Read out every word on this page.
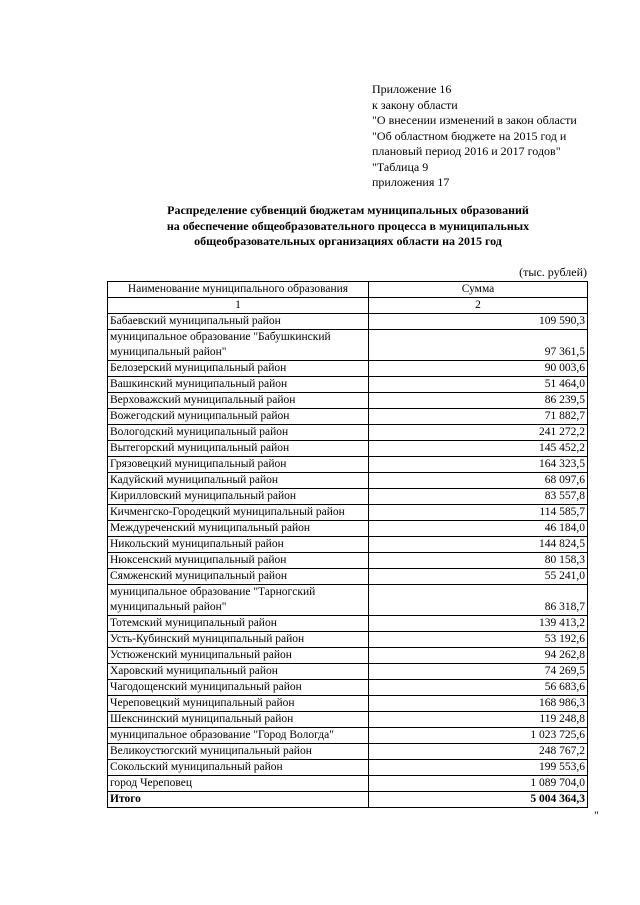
Приложение 16
к закону области
"О внесении изменений в закон области
"Об областном бюджете на 2015 год и
плановый период 2016 и 2017 годов"
"Таблица 9
приложения 17
Распределение субвенций бюджетам муниципальных образований
на обеспечение общеобразовательного процесса в муниципальных
общеобразовательных организациях области на 2015 год
(тыс. рублей)
Наименование муниципального образования	Сумма
1	2
Бабаевский муниципальный район	109 590,3
муниципальное образование "Бабушкинский муниципальный район"	97 361,5
Белозерский муниципальный район	90 003,6
Вашкинский муниципальный район	51 464,0
Верховажский муниципальный район	86 239,5
Вожегодский муниципальный район	71 882,7
Вологодский муниципальный район	241 272,2
Вытегорский муниципальный район	145 452,2
Грязовецкий муниципальный район	164 323,5
Кадуйский муниципальный район	68 097,6
Кирилловский муниципальный район	83 557,8
Кичменгско-Городецкий муниципальный район	114 585,7
Междуреченский муниципальный район	46 184,0
Никольский муниципальный район	144 824,5
Нюксенский муниципальный район	80 158,3
Сямженский муниципальный район	55 241,0
муниципальное образование "Тарногский муниципальный район"	86 318,7
Тотемский муниципальный район	139 413,2
Усть-Кубинский муниципальный район	53 192,6
Устюженский муниципальный район	94 262,8
Харовский муниципальный район	74 269,5
Чагодощенский муниципальный район	56 683,6
Череповецкий муниципальный район	168 986,3
Шекснинский муниципальный район	119 248,8
муниципальное образование "Город Вологда"	1 023 725,6
Великоустюгский муниципальный район	248 767,2
Сокольский муниципальный район	199 553,6
город Череповец	1 089 704,0
Итого	5 004 364,3
"
